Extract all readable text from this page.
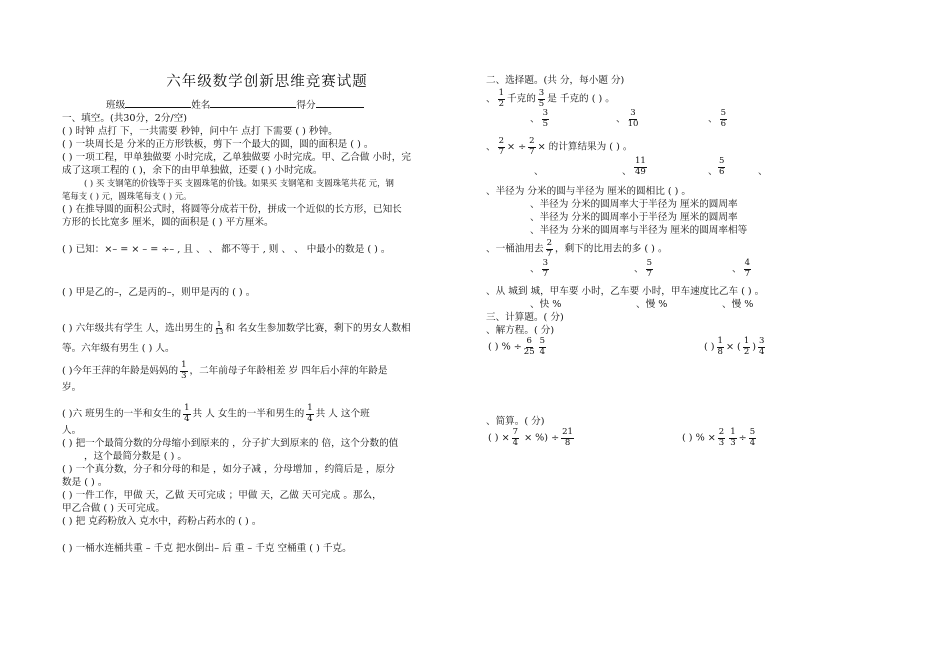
六年级数学创新思维竞赛试题
班级	姓名	得分
一、填空。(共30分，2分/空)
( ) 时钟 点打 下，一共需要 秒钟，问中午 点打 下需要 ( ) 秒钟。
( ) 一块周长是 分米的正方形铁板，剪下一个最大的圆，圆的面积是 ( ) 。
( ) 一项工程，甲单独做要 小时完成，乙单独做要 小时完成。甲、乙合做 小时，完
成了这项工程的 ( )，余下的由甲单独做，还要 ( ) 小时完成。
( ) 买 支钢笔的价钱等于买 支圆珠笔的价钱。如果买 支钢笔和 支圆珠笔共花 元，钢
笔每支 ( ) 元，圆珠笔每支 ( ) 元。
( ) 在推导圆的面积公式时，将圆等分成若干份，拼成一个近似的长方形，已知长
方形的长比宽多 厘米，圆的面积是 ( ) 平方厘米。
( ) 已知：×– = × – = ÷– , 且 、 、 都不等于 , 则 、 、 中最小的数是 ( ) 。
( ) 甲是乙的–，乙是丙的–，则甲是丙的 ( ) 。
( ) 六年级共有学生 人，选出男生的 $\frac{1}{13}$ 和 名女生参加数学比赛，剩下的男女人数相
等。六年级有男生 ( ) 人。
( )今年王萍的年龄是妈妈的 $\frac{1}{3}$ ，二年前母子年龄相差 岁 四年后小萍的年龄是
岁。
( )六 班男生的一半和女生的 $\frac{1}{4}$ 共 人 女生的一半和男生的 $\frac{1}{4}$ 共 人 这个班
人。
( ) 把一个最简分数的分母缩小到原来的 ，分子扩大到原来的 倍，这个分数的值
，这个最简分数是 ( ) 。
( ) 一个真分数，分子和分母的和是 ，如分子减 ，分母增加 ，约简后是 ，原分
数是 ( ) 。
( ) 一件工作，甲做 天，乙做 天可完成 ；甲做 天，乙做 天可完成 。那么，
甲乙合做 ( ) 天可完成。
( ) 把 克药粉放入 克水中，药粉占药水的 ( ) 。
( ) 一桶水连桶共重 – 千克 把水倒出– 后 重 – 千克 空桶重 ( ) 千克。
二、选择题。(共 分，每小题 分)
、 $\frac{1}{2}$ 千克的 $\frac{3}{5}$ 是 千克的 ( ) 。
、 $\frac{3}{5}$	、 $\frac{3}{10}$	、 $\frac{5}{6}$
、 $\frac{2}{7}$ × ÷ $\frac{2}{7}$ × 的计算结果为 ( ) 。
、	、 $\frac{11}{49}$	、 $\frac{5}{6}$	、
、半径为 分米的圆与半径为 厘米的圆相比 ( ) 。
、半径为 分米的圆周率大于半径为 厘米的圆周率
、半径为 分米的圆周率小于半径为 厘米的圆周率
、半径为 分米的圆周率与半径为 厘米的圆周率相等
、一桶油用去 $\frac{2}{7}$ ，剩下的比用去的多 ( ) 。
、 $\frac{3}{7}$	、 $\frac{5}{7}$	、 $\frac{4}{7}$
、从 城到 城，甲车要 小时，乙车要 小时，甲车速度比乙车 ( ) 。
、快 %	、慢 %	、慢 %
三、计算题。( 分)
、解方程。( 分)
( ) % ÷ $\frac{6}{25} \frac{5}{4}$	( ) $\frac{1}{8}$ × ( $\frac{1}{2}$ ) $\frac{3}{4}$
、简算。( 分)
( ) × $\frac{7}{4}$ × %) ÷ $\frac{21}{8}$	( ) % × $\frac{2}{3} \frac{1}{3} \div \frac{5}{4}$
